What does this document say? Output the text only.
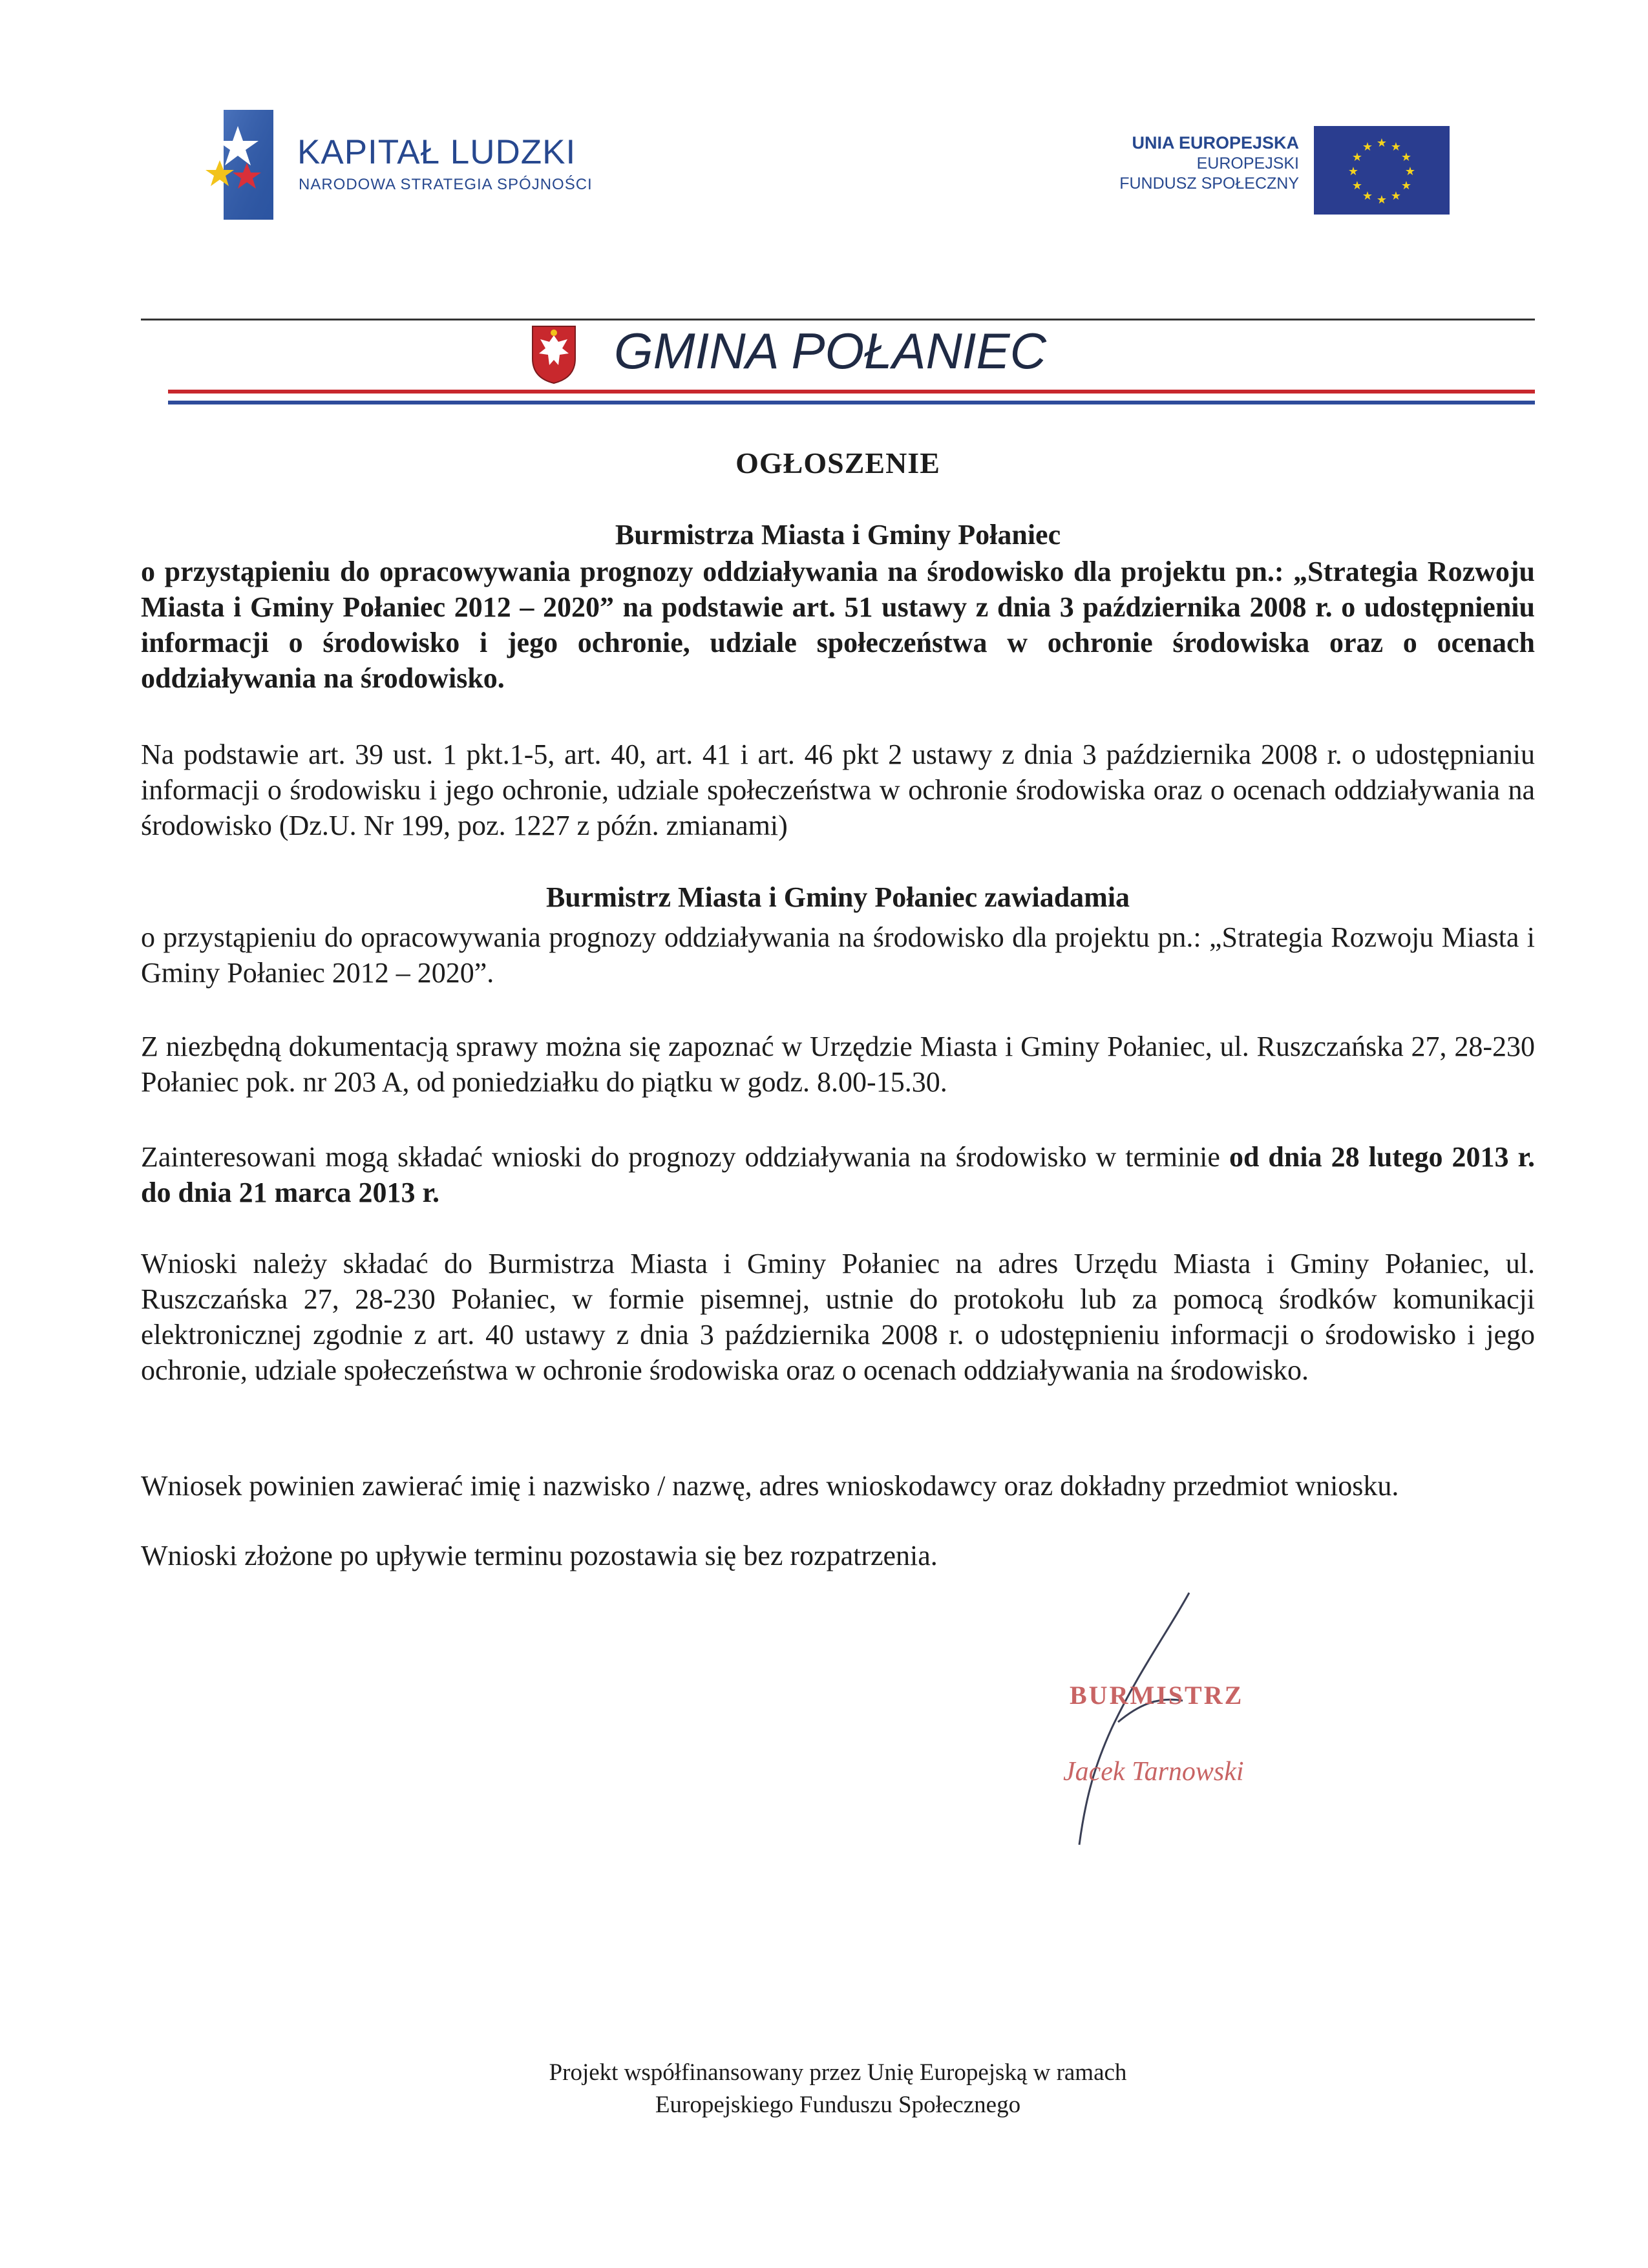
KAPITAŁ LUDZKI
NARODOWA STRATEGIA SPÓJNOŚCI
UNIA EUROPEJSKA
EUROPEJSKI
FUNDUSZ SPOŁECZNY
★ ★
★
★
★
★
★
★
★
★
★
★
GMINA POŁANIEC
OGŁOSZENIE
Burmistrza Miasta i Gminy Połaniec
o przystąpieniu do opracowywania prognozy oddziaływania na środowisko dla projektu pn.: „Strategia Rozwoju Miasta i Gminy Połaniec 2012 – 2020” na podstawie art. 51 ustawy z dnia 3 października 2008 r. o udostępnieniu informacji o środowisko i jego ochronie, udziale społeczeństwa w ochronie środowiska oraz o ocenach oddziaływania na środowisko.
Na podstawie art. 39 ust. 1 pkt.1-5, art. 40, art. 41 i art. 46 pkt 2 ustawy z dnia 3 października 2008 r. o udostępnianiu informacji o środowisku i jego ochronie, udziale społeczeństwa w ochronie środowiska oraz o ocenach oddziaływania na środowisko (Dz.U. Nr 199, poz. 1227 z późn. zmianami)
Burmistrz Miasta i Gminy Połaniec zawiadamia
o przystąpieniu do opracowywania prognozy oddziaływania na środowisko dla projektu pn.: „Strategia Rozwoju Miasta i Gminy Połaniec 2012 – 2020”.
Z niezbędną dokumentacją sprawy można się zapoznać w Urzędzie Miasta i Gminy Połaniec, ul. Ruszczańska 27, 28-230 Połaniec pok. nr 203 A, od poniedziałku do piątku w godz. 8.00-15.30.
Zainteresowani mogą składać wnioski do prognozy oddziaływania na środowisko w terminie od dnia 28 lutego 2013 r. do dnia 21 marca 2013 r.
Wnioski należy składać do Burmistrza Miasta i Gminy Połaniec na adres Urzędu Miasta i Gminy Połaniec, ul. Ruszczańska 27, 28-230 Połaniec, w formie pisemnej, ustnie do protokołu lub za pomocą środków komunikacji elektronicznej zgodnie z art. 40 ustawy z dnia 3 października 2008 r. o udostępnieniu informacji o środowisko i jego ochronie, udziale społeczeństwa w ochronie środowiska oraz o ocenach oddziaływania na środowisko.
Wniosek powinien zawierać imię i nazwisko / nazwę, adres wnioskodawcy oraz dokładny przedmiot wniosku.
Wnioski złożone po upływie terminu pozostawia się bez rozpatrzenia.
BURMISTRZ
Jacek Tarnowski
Projekt współfinansowany przez Unię Europejską w ramach
Europejskiego Funduszu Społecznego
